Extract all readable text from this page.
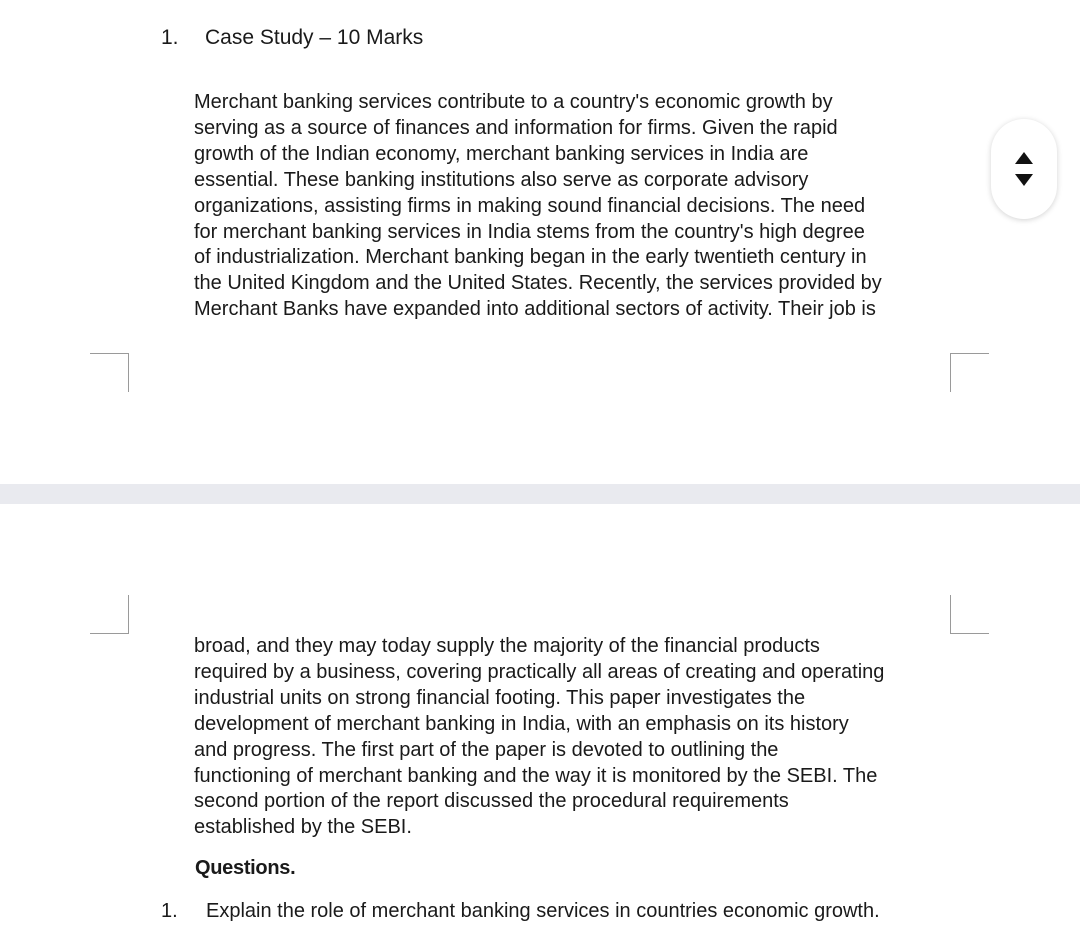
1. Case Study – 10 Marks

Merchant banking services contribute to a country's economic growth by
serving as a source of finances and information for firms. Given the rapid
growth of the Indian economy, merchant banking services in India are
essential. These banking institutions also serve as corporate advisory
organizations, assisting firms in making sound financial decisions. The need
for merchant banking services in India stems from the country's high degree
of industrialization. Merchant banking began in the early twentieth century in
the United Kingdom and the United States. Recently, the services provided by
Merchant Banks have expanded into additional sectors of activity. Their job is

broad, and they may today supply the majority of the financial products
required by a business, covering practically all areas of creating and operating
industrial units on strong financial footing. This paper investigates the
development of merchant banking in India, with an emphasis on its history
and progress. The first part of the paper is devoted to outlining the
functioning of merchant banking and the way it is monitored by the SEBI. The
second portion of the report discussed the procedural requirements
established by the SEBI.

Questions.
1. Explain the role of merchant banking services in countries economic growth.
